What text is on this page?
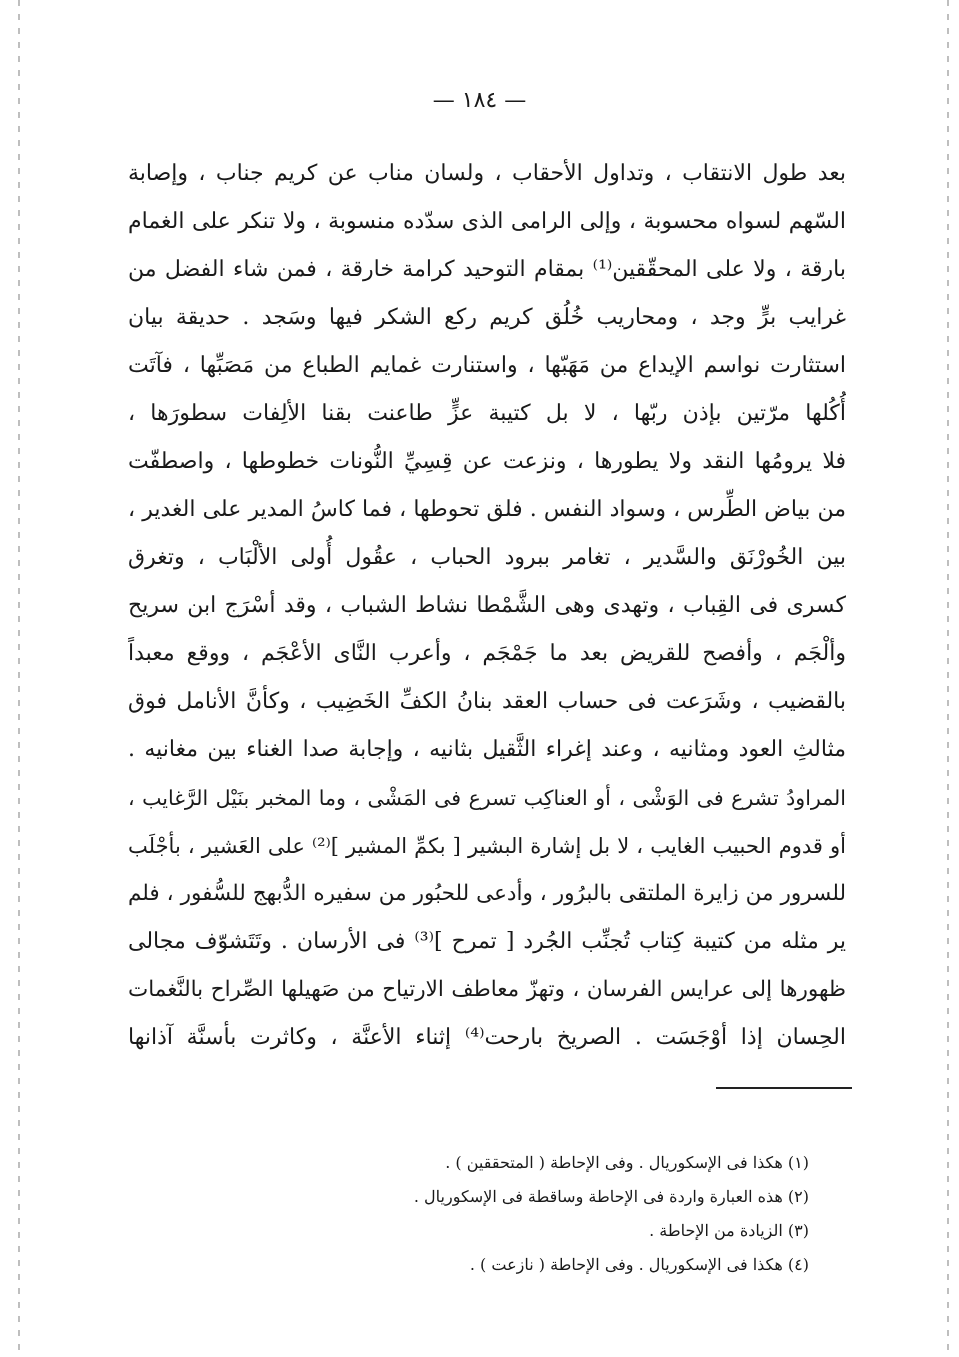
— ١٨٤ —
بعد طول الانتقاب ، وتداول الأحقاب ، ولسان مناب عن كريم جناب ، وإصابة
السّهم لسواه محسوبة ، وإلى الرامى الذى سدّده منسوبة ، ولا تنكر على الغمام
بارقة ، ولا على المحقّقين⁽¹⁾ بمقام التوحيد كرامة خارقة ، فمن شاء الفضل من
غرايب برٍّ وجد ، ومحاريب خُلُق كريم ركع الشكر فيها وسَجد . حديقة بيان
استثارت نواسم الإيداع من مَهَبّها ، واستنارت غمايم الطباع من مَصَبِّها ، فآتَت
أُكُلها مرّتين بإذن ربّها ، لا بل كتيبة عزٍّ طاعنت بقنا الألِفات سطورَها ،
فلا يرومُها النقد ولا يطورها ، ونزعت عن قِسِيِّ النُّونات خطوطها ، واصطفّت
من بياض الطِّرس ، وسواد النفس . فلق تحوطها ، فما كاسُ المدير على الغدير ،
بين الخُورْنَق والسَّدير ، تغامر ببرود الحباب ، عقُول أُولى الألْبَاب ، وتغرق
كسرى فى القِباب ، وتهدى وهى الشَّمْطا نشاط الشباب ، وقد أسْرَج ابن سريح
وألْجَم ، وأفصح للقريض بعد ما جَمْجَم ، وأعرب النَّاى الأعْجَم ، ووقع معبداً
بالقضيب ، وشَرَعت فى حساب العقد بنانُ الكفِّ الخَضِيب ، وكأنَّ الأنامل فوق
مثالثِ العود ومثانيه ، وعند إغراء الثَّقيل بثانيه ، وإجابة صدا الغناء بين مغانيه .
المراودُ تشرع فى الوَشْى ، أو العناكِب تسرع فى المَشْى ، وما المخبر بنَيْل الرَّغايب ،
أو قدوم الحبيب الغايب ، لا بل إشارة البشير [ بكمِّ المشير ]⁽²⁾ على العَشير ، بأجْلَب
للسرور من زايرة الملتقى بالبرُور ، وأدعى للحبُور من سفيره الدُّبهج للسُّفور ، فلم
ير مثله من كتيبة كِتاب تُجنِّب الجُرد [ تمرح ]⁽³⁾ فى الأرسان . وتَتَشوّف مجالى
ظهورها إلى عرايس الفرسان ، وتهزّ معاطف الارتياح من صَهيلها الصِّراح بالنَّغمات
الحِسان إذا أوْجَسَت . الصريخ بارحت⁽⁴⁾ إثناء الأعنَّة ، وكاثرت بأسنَّة آذانها
(١) هكذا فى الإسكوريال . وفى الإحاطة ( المتحققين ) .
(٢) هذه العبارة واردة فى الإحاطة وساقطة فى الإسكوريال .
(٣) الزيادة من الإحاطة .
(٤) هكذا فى الإسكوريال . وفى الإحاطة ( نازعت ) .
